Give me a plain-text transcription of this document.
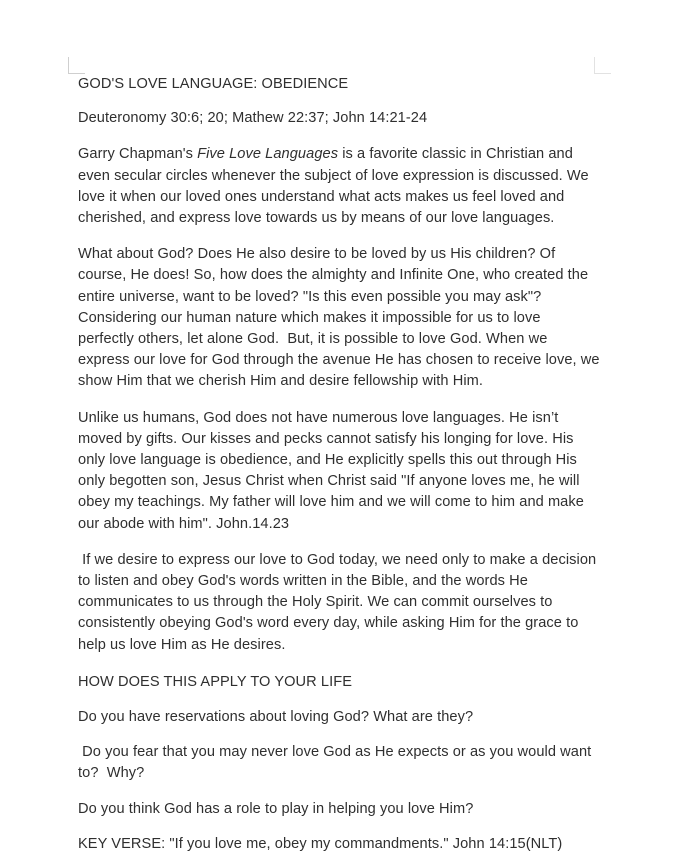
GOD'S LOVE LANGUAGE: OBEDIENCE

Deuteronomy 30:6; 20; Mathew 22:37; John 14:21-24

Garry Chapman's Five Love Languages is a favorite classic in Christian and even secular circles whenever the subject of love expression is discussed. We love it when our loved ones understand what acts makes us feel loved and cherished, and express love towards us by means of our love languages.

What about God? Does He also desire to be loved by us His children? Of course, He does! So, how does the almighty and Infinite One, who created the entire universe, want to be loved? "Is this even possible you may ask"? Considering our human nature which makes it impossible for us to love perfectly others, let alone God.  But, it is possible to love God. When we express our love for God through the avenue He has chosen to receive love, we show Him that we cherish Him and desire fellowship with Him.

Unlike us humans, God does not have numerous love languages. He isn’t moved by gifts. Our kisses and pecks cannot satisfy his longing for love. His only love language is obedience, and He explicitly spells this out through His only begotten son, Jesus Christ when Christ said "If anyone loves me, he will obey my teachings. My father will love him and we will come to him and make our abode with him". John.14.23

If we desire to express our love to God today, we need only to make a decision to listen and obey God's words written in the Bible, and the words He communicates to us through the Holy Spirit. We can commit ourselves to consistently obeying God's word every day, while asking Him for the grace to help us love Him as He desires.

HOW DOES THIS APPLY TO YOUR LIFE

Do you have reservations about loving God? What are they?

Do you fear that you may never love God as He expects or as you would want to?  Why?

Do you think God has a role to play in helping you love Him?

KEY VERSE: "If you love me, obey my commandments." John 14:15(NLT)
